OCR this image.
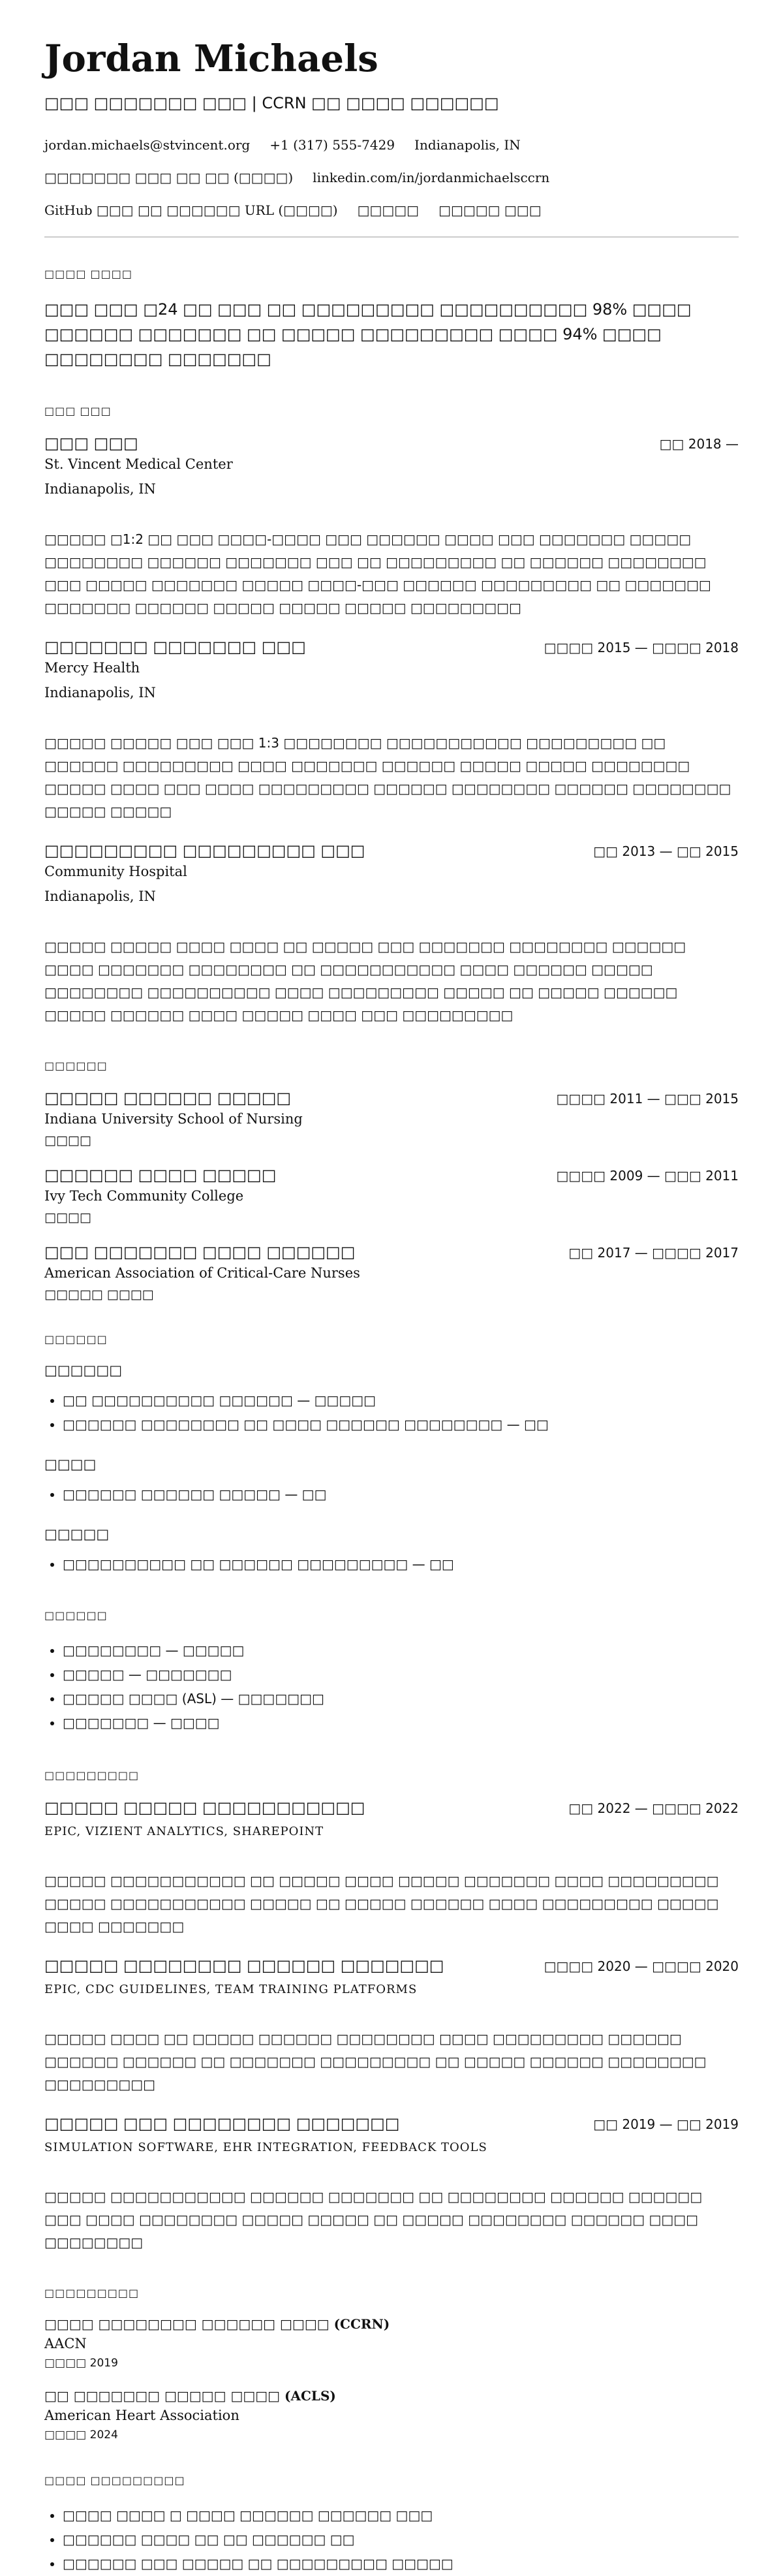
Jordan Michaels
□□□ □□□□□□□ □□□ | CCRN □□ □□□□ □□□□□□
jordan.michaels@stvincent.org +1 (317) 555-7429 Indianapolis, IN
□□□□□□□ □□□ □□ □□ (□□□□) linkedin.com/in/jordanmichaelsccrn
GitHub □□□ □□ □□□□□□ URL (□□□□) □□□□□ □□□□□ □□□
□□□□ □□□□
□□□ □□□ □24 □□ □□□ □□ □□□□□□□□□ □□□□□□□□□□ 98% □□□□ □□□□□□ □□□□□□□ □□ □□□□□ □□□□□□□□□ □□□□ 94% □□□□ □□□□□□□□ □□□□□□□
□□□ □□□
□□□ □□□	□□ 2018 —
St. Vincent Medical Center
Indianapolis, IN
□□□□□ □1:2 □□ □□□ □□□□-□□□□ □□□ □□□□□□ □□□□ □□□ □□□□□□□ □□□□□ □□□□□□□□ □□□□□□ □□□□□□□ □□□ □□ □□□□□□□□□ □□ □□□□□□ □□□□□□□□ □□□ □□□□□ □□□□□□□ □□□□□ □□□□-□□□ □□□□□□ □□□□□□□□□ □□ □□□□□□□ □□□□□□□ □□□□□□ □□□□□ □□□□□ □□□□□ □□□□□□□□□
□□□□□□□ □□□□□□□ □□□	□□□□ 2015 — □□□□ 2018
Mercy Health
Indianapolis, IN
□□□□□ □□□□□ □□□ □□□ 1:3 □□□□□□□□ □□□□□□□□□□□ □□□□□□□□□ □□ □□□□□□ □□□□□□□□□ □□□□ □□□□□□□ □□□□□□ □□□□□ □□□□□ □□□□□□□□ □□□□□ □□□□ □□□ □□□□ □□□□□□□□□ □□□□□□ □□□□□□□□ □□□□□□ □□□□□□□□ □□□□□ □□□□□
□□□□□□□□□ □□□□□□□□□ □□□	□□ 2013 — □□ 2015
Community Hospital
Indianapolis, IN
□□□□□ □□□□□ □□□□ □□□□ □□ □□□□□ □□□ □□□□□□□ □□□□□□□□ □□□□□□ □□□□ □□□□□□□ □□□□□□□□ □□ □□□□□□□□□□□ □□□□ □□□□□□ □□□□□ □□□□□□□□ □□□□□□□□□□ □□□□ □□□□□□□□□ □□□□□ □□ □□□□□ □□□□□□ □□□□□ □□□□□□ □□□□ □□□□□ □□□□ □□□ □□□□□□□□□
□□□□□□
□□□□□ □□□□□□ □□□□□	□□□□ 2011 — □□□ 2015
Indiana University School of Nursing
□□□□
□□□□□□ □□□□ □□□□□	□□□□ 2009 — □□□ 2011
Ivy Tech Community College
□□□□
□□□ □□□□□□□ □□□□ □□□□□□	□□ 2017 — □□□□ 2017
American Association of Critical-Care Nurses
□□□□□ □□□□
□□□□□□
□□□□□□
• □□ □□□□□□□□□□ □□□□□□ — □□□□□
• □□□□□□ □□□□□□□□ □□ □□□□ □□□□□□ □□□□□□□□ — □□
□□□□
• □□□□□□ □□□□□□ □□□□□ — □□
□□□□□
• □□□□□□□□□□ □□ □□□□□□ □□□□□□□□□ — □□
□□□□□□
• □□□□□□□□ — □□□□□
• □□□□□ — □□□□□□□
• □□□□□ □□□□ (ASL) — □□□□□□□
• □□□□□□□ — □□□□
□□□□□□□□□
□□□□□ □□□□□ □□□□□□□□□□□	□□ 2022 — □□□□ 2022
EPIC, VIZIENT ANALYTICS, SHAREPOINT
□□□□□ □□□□□□□□□□□ □□ □□□□□ □□□□ □□□□□ □□□□□□□ □□□□ □□□□□□□□□ □□□□□ □□□□□□□□□□□ □□□□□ □□ □□□□□ □□□□□□ □□□□ □□□□□□□□□ □□□□□ □□□□ □□□□□□□
□□□□□ □□□□□□□□ □□□□□□ □□□□□□□	□□□□ 2020 — □□□□ 2020
EPIC, CDC GUIDELINES, TEAM TRAINING PLATFORMS
□□□□□ □□□□ □□ □□□□□ □□□□□□ □□□□□□□□ □□□□ □□□□□□□□□ □□□□□□ □□□□□□ □□□□□□ □□ □□□□□□□ □□□□□□□□□ □□ □□□□□ □□□□□□ □□□□□□□□ □□□□□□□□□
□□□□□ □□□ □□□□□□□□ □□□□□□□	□□ 2019 — □□ 2019
SIMULATION SOFTWARE, EHR INTEGRATION, FEEDBACK TOOLS
□□□□□ □□□□□□□□□□□ □□□□□□ □□□□□□□ □□ □□□□□□□□ □□□□□□ □□□□□□ □□□ □□□□ □□□□□□□□ □□□□□ □□□□□ □□ □□□□□ □□□□□□□□ □□□□□□ □□□□ □□□□□□□□
□□□□□□□□□
□□□□ □□□□□□□□ □□□□□□ □□□□ (CCRN)
AACN
□□□□ 2019
□□ □□□□□□□ □□□□□ □□□□ (ACLS)
American Heart Association
□□□□ 2024
□□□□ □□□□□□□□□
• □□□□ □□□□ □ □□□□ □□□□□□ □□□□□□ □□□
• □□□□□□ □□□□ □□ □□ □□□□□□ □□
• □□□□□□ □□□ □□□□□ □□ □□□□□□□□□ □□□□□
